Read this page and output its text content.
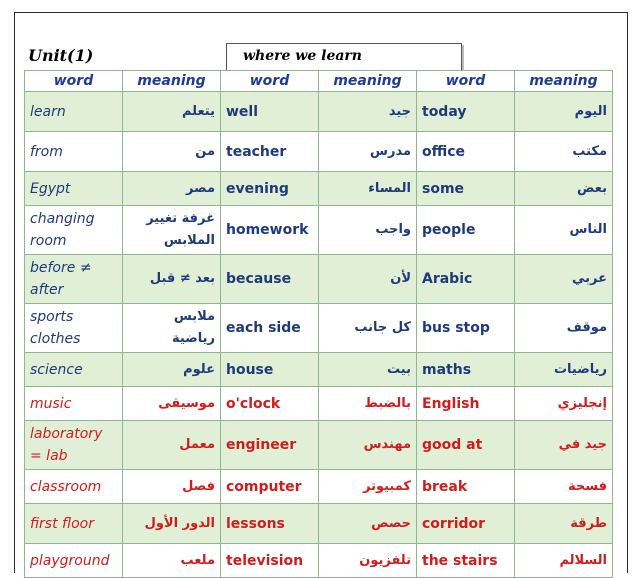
Unit(1)	where we learn
word	meaning	word	meaning	word	meaning
learn	يتعلم	well	جيد	today	اليوم
from	من	teacher	مدرس	office	مكتب
Egypt	مصر	evening	المساء	some	بعض
changing room	غرفة تغيير الملابس	homework	واجب	people	الناس
before ≠ after	بعد ≠ قبل	because	لأن	Arabic	عربي
sports clothes	ملابس رياضية	each side	كل جانب	bus stop	موقف
science	علوم	house	بيت	maths	رياضيات
music	موسيقى	o'clock	بالضبط	English	إنجليزي
laboratory = lab	معمل	engineer	مهندس	good at	جيد في
classroom	فصل	computer	كمبيوتر	break	فسحة
first floor	الدور الأول	lessons	حصص	corridor	طرقة
playground	ملعب	television	تلفزيون	the stairs	السلالم
